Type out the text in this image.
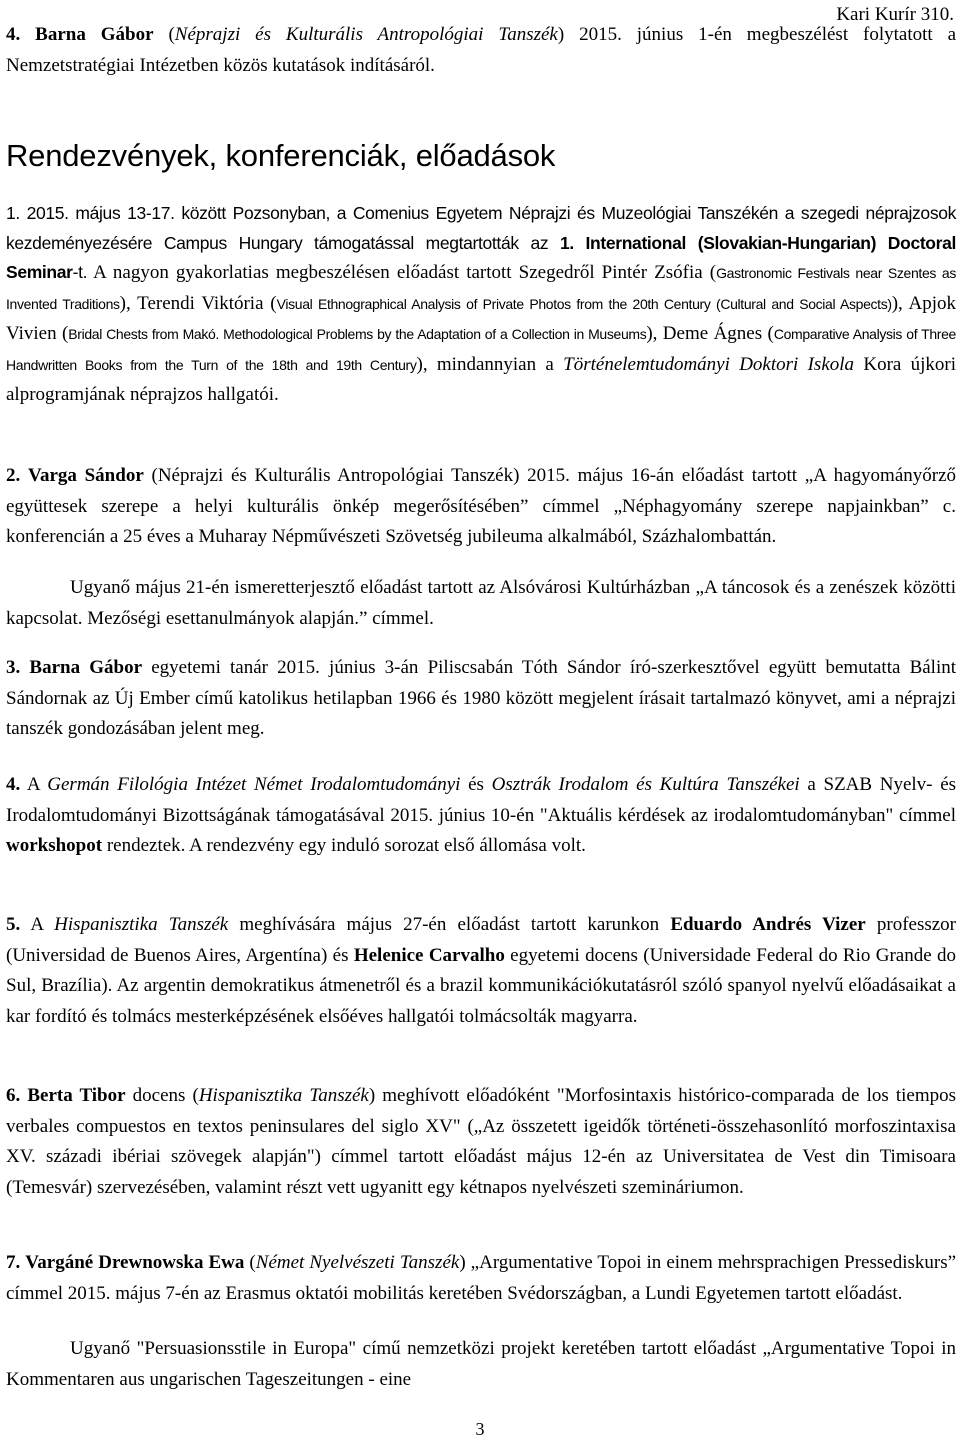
Kari Kurír 310.

4. Barna Gábor (Néprajzi és Kulturális Antropológiai Tanszék) 2015. június 1-én megbeszélést folytatott a Nemzetstratégiai Intézetben közös kutatások indításáról.

Rendezvények, konferenciák, előadások

1. 2015. május 13-17. között Pozsonyban, a Comenius Egyetem Néprajzi és Muzeológiai Tanszékén a szegedi néprajzosok kezdeményezésére Campus Hungary támogatással megtartották az 1. International (Slovakian-Hungarian) Doctoral Seminar-t. A nagyon gyakorlatias megbeszélésen előadást tartott Szegedről Pintér Zsófia (Gastronomic Festivals near Szentes as Invented Traditions), Terendi Viktória (Visual Ethnographical Analysis of Private Photos from the 20th Century (Cultural and Social Aspects)), Apjok Vivien (Bridal Chests from Makó. Methodological Problems by the Adaptation of a Collection in Museums), Deme Ágnes (Comparative Analysis of Three Handwritten Books from the Turn of the 18th and 19th Century), mindannyian a Történelemtudományi Doktori Iskola Kora újkori alprogramjának néprajzos hallgatói.

2. Varga Sándor (Néprajzi és Kulturális Antropológiai Tanszék) 2015. május 16-án előadást tartott „A hagyományőrző együttesek szerepe a helyi kulturális önkép megerősítésében” címmel „Néphagyomány szerepe napjainkban” c. konferencián a 25 éves a Muharay Népművészeti Szövetség jubileuma alkalmából, Százhalombattán.

Ugyanő május 21-én ismeretterjesztő előadást tartott az Alsóvárosi Kultúrházban „A táncosok és a zenészek közötti kapcsolat. Mezőségi esettanulmányok alapján.” címmel.

3. Barna Gábor egyetemi tanár 2015. június 3-án Piliscsabán Tóth Sándor író-szerkesztővel együtt bemutatta Bálint Sándornak az Új Ember című katolikus hetilapban 1966 és 1980 között megjelent írásait tartalmazó könyvet, ami a néprajzi tanszék gondozásában jelent meg.

4. A Germán Filológia Intézet Német Irodalomtudományi és Osztrák Irodalom és Kultúra Tanszékei a SZAB Nyelv- és Irodalomtudományi Bizottságának támogatásával 2015. június 10-én "Aktuális kérdések az irodalomtudományban" címmel workshopot rendeztek. A rendezvény egy induló sorozat első állomása volt.

5. A Hispanisztika Tanszék meghívására május 27-én előadást tartott karunkon Eduardo Andrés Vizer professzor (Universidad de Buenos Aires, Argentína) és Helenice Carvalho egyetemi docens (Universidade Federal do Rio Grande do Sul, Brazília). Az argentin demokratikus átmenetről és a brazil kommunikációkutatásról szóló spanyol nyelvű előadásaikat a kar fordító és tolmács mesterképzésének elsőéves hallgatói tolmácsolták magyarra.

6. Berta Tibor docens (Hispanisztika Tanszék) meghívott előadóként "Morfosintaxis histórico-comparada de los tiempos verbales compuestos en textos peninsulares del siglo XV" („Az összetett igeidők történeti-összehasonlító morfoszintaxisa XV. századi ibériai szövegek alapján") címmel tartott előadást május 12-én az Universitatea de Vest din Timisoara (Temesvár) szervezésében, valamint részt vett ugyanitt egy kétnapos nyelvészeti szemináriumon.

7. Vargáné Drewnowska Ewa (Német Nyelvészeti Tanszék) „Argumentative Topoi in einem mehrsprachigen Pressediskurs” címmel 2015. május 7-én az Erasmus oktatói mobilitás keretében Svédországban, a Lundi Egyetemen tartott előadást.

Ugyanő "Persuasionsstile in Europa" című nemzetközi projekt keretében tartott előadást „Argumentative Topoi in Kommentaren aus ungarischen Tageszeitungen - eine

3
